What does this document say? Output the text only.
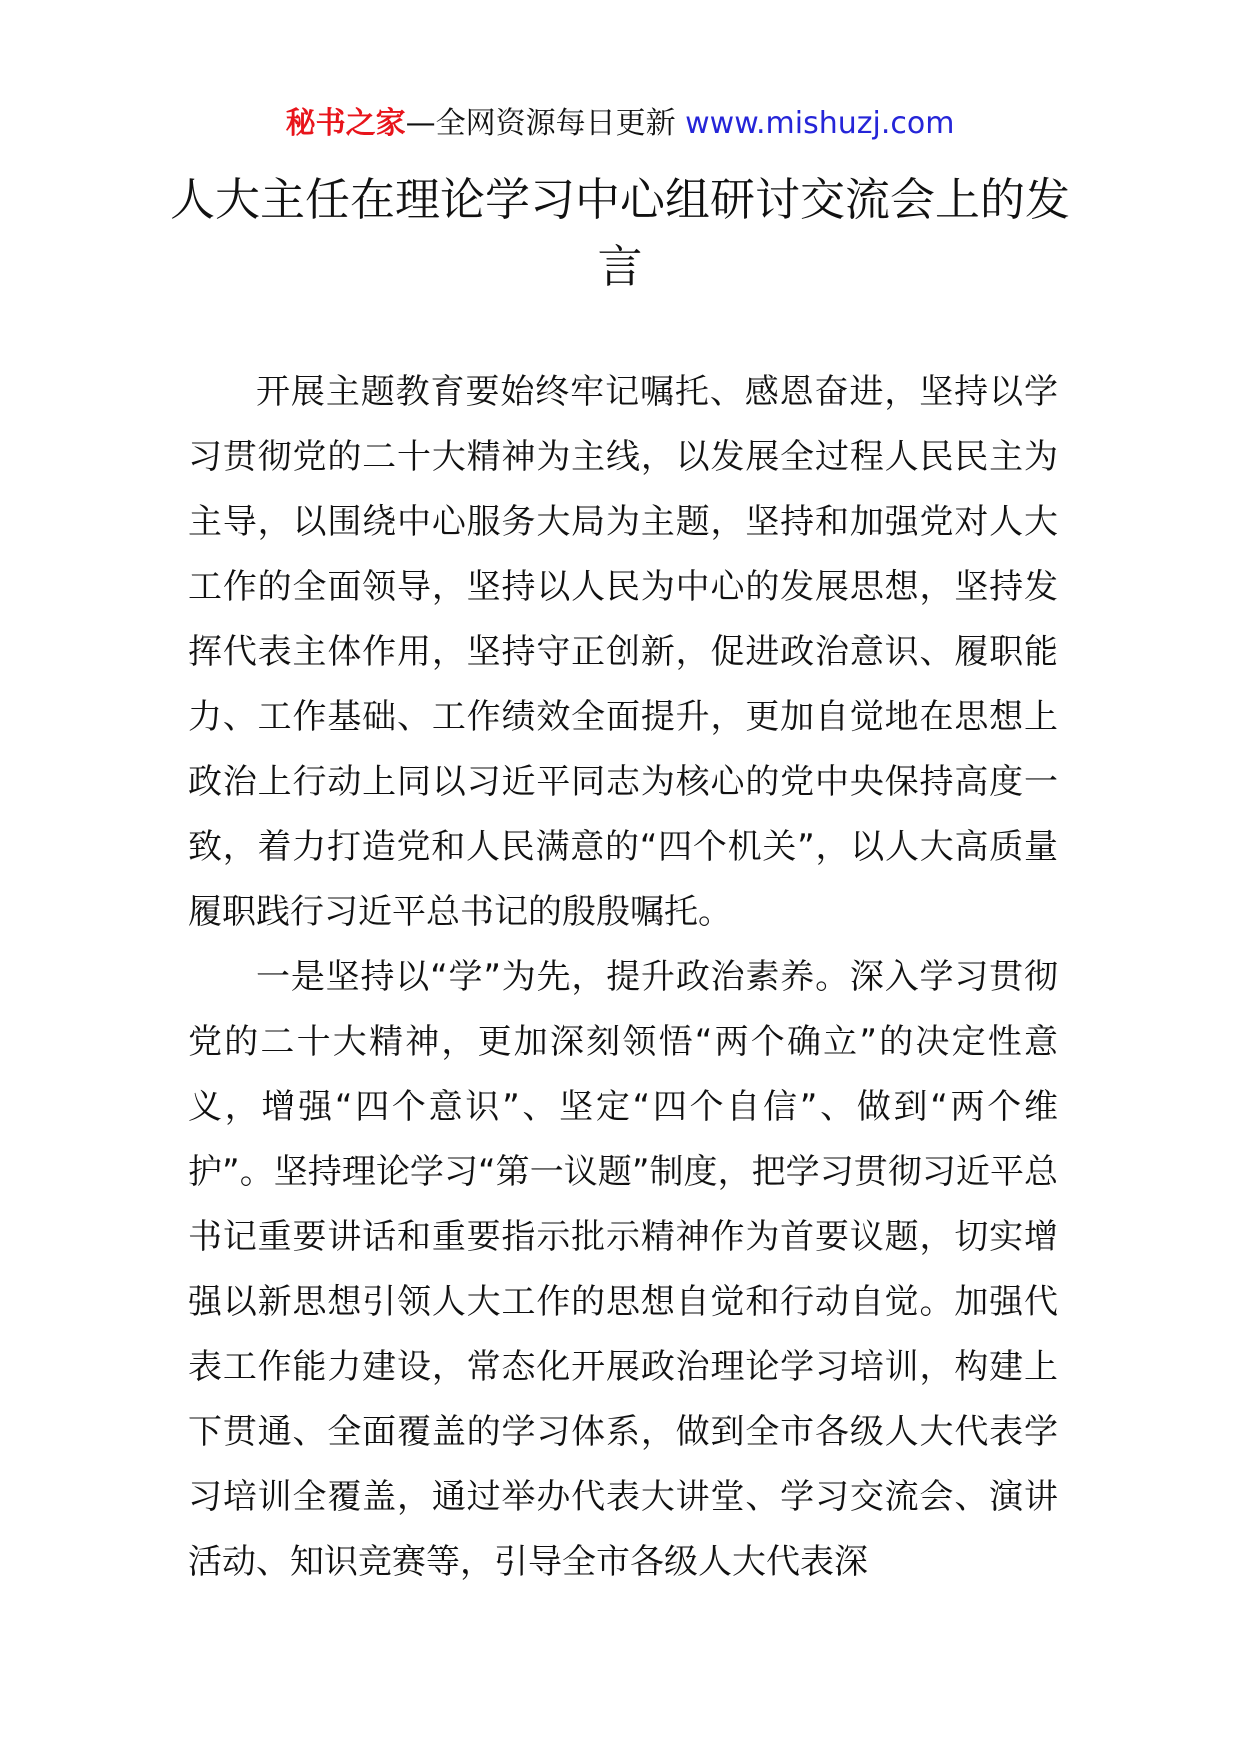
秘书之家—全网资源每日更新 www.mishuzj.com
人大主任在理论学习中心组研讨交流会上的发言

开展主题教育要始终牢记嘱托、感恩奋进，坚持以学习贯彻党的二十大精神为主线，以发展全过程人民民主为主导，以围绕中心服务大局为主题，坚持和加强党对人大工作的全面领导，坚持以人民为中心的发展思想，坚持发挥代表主体作用，坚持守正创新，促进政治意识、履职能力、工作基础、工作绩效全面提升，更加自觉地在思想上政治上行动上同以习近平同志为核心的党中央保持高度一致，着力打造党和人民满意的“四个机关”，以人大高质量履职践行习近平总书记的殷殷嘱托。

一是坚持以“学”为先，提升政治素养。深入学习贯彻党的二十大精神，更加深刻领悟“两个确立”的决定性意义，增强“四个意识”、坚定“四个自信”、做到“两个维护”。坚持理论学习“第一议题”制度，把学习贯彻习近平总书记重要讲话和重要指示批示精神作为首要议题，切实增强以新思想引领人大工作的思想自觉和行动自觉。加强代表工作能力建设，常态化开展政治理论学习培训，构建上下贯通、全面覆盖的学习体系，做到全市各级人大代表学习培训全覆盖，通过举办代表大讲堂、学习交流会、演讲活动、知识竞赛等，引导全市各级人大代表深
